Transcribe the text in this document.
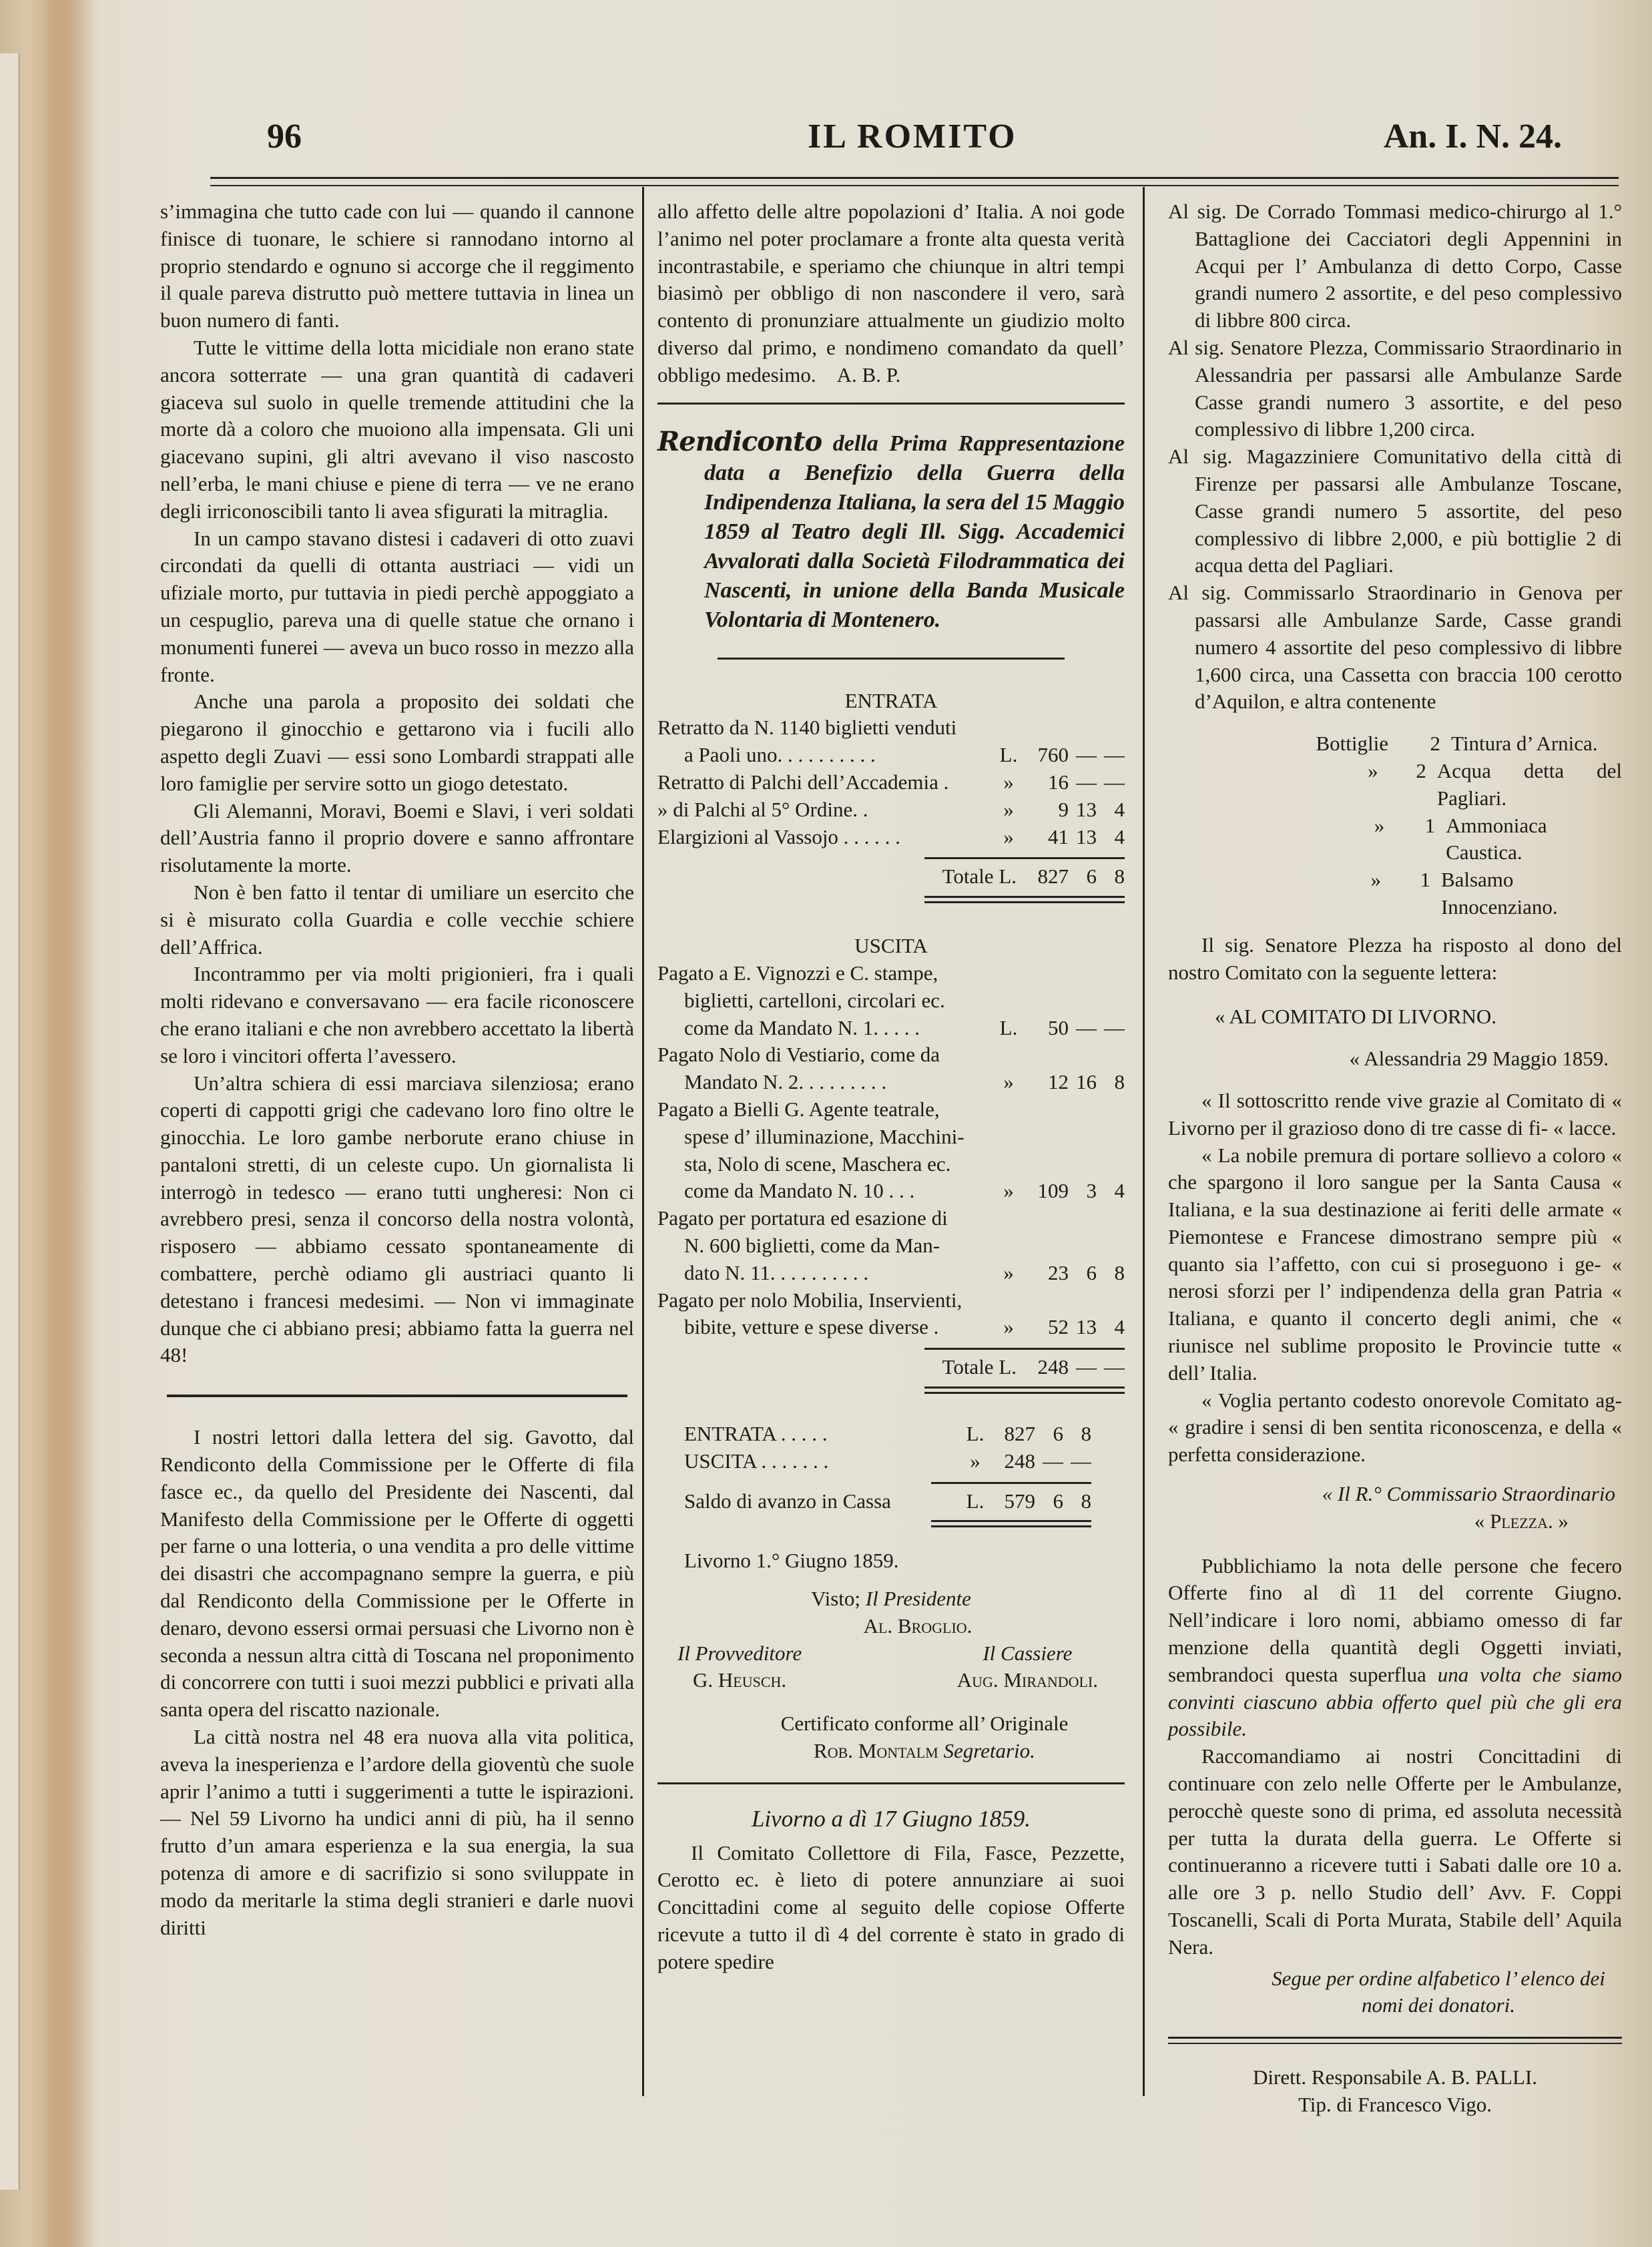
96	IL ROMITO	An. I. N. 24.

s’immagina che tutto cade con lui — quando il cannone finisce di tuonare, le schiere si rannodano intorno al proprio stendardo e ognuno si accorge che il reggimento il quale pareva distrutto può mettere tuttavia in linea un buon numero di fanti.

Tutte le vittime della lotta micidiale non erano state ancora sotterrate — una gran quantità di cadaveri giaceva sul suolo in quelle tremende attitudini che la morte dà a coloro che muoiono alla impensata. Gli uni giacevano supini, gli altri avevano il viso nascosto nell’erba, le mani chiuse e piene di terra — ve ne erano degli irriconoscibili tanto li avea sfigurati la mitraglia.

In un campo stavano distesi i cadaveri di otto zuavi circondati da quelli di ottanta austriaci — vidi un ufiziale morto, pur tuttavia in piedi perchè appoggiato a un cespuglio, pareva una di quelle statue che ornano i monumenti funerei — aveva un buco rosso in mezzo alla fronte.

Anche una parola a proposito dei soldati che piegarono il ginocchio e gettarono via i fucili allo aspetto degli Zuavi — essi sono Lombardi strappati alle loro famiglie per servire sotto un giogo detestato.

Gli Alemanni, Moravi, Boemi e Slavi, i veri soldati dell’Austria fanno il proprio dovere e sanno affrontare risolutamente la morte.

Non è ben fatto il tentar di umiliare un esercito che si è misurato colla Guardia e colle vecchie schiere dell’Affrica.

Incontrammo per via molti prigionieri, fra i quali molti ridevano e conversavano — era facile riconoscere che erano italiani e che non avrebbero accettato la libertà se loro i vincitori offerta l’avessero.

Un’altra schiera di essi marciava silenziosa; erano coperti di cappotti grigi che cadevano loro fino oltre le ginocchia. Le loro gambe nerborute erano chiuse in pantaloni stretti, di un celeste cupo. Un giornalista li interrogò in tedesco — erano tutti ungheresi: Non ci avrebbero presi, senza il concorso della nostra volontà, risposero — abbiamo cessato spontaneamente di combattere, perchè odiamo gli austriaci quanto li detestano i francesi medesimi. — Non vi immaginate dunque che ci abbiano presi; abbiamo fatta la guerra nel 48!

I nostri lettori dalla lettera del sig. Gavotto, dal Rendiconto della Commissione per le Offerte di fila fasce ec., da quello del Presidente dei Nascenti, dal Manifesto della Commissione per le Offerte di oggetti per farne o una lotteria, o una vendita a pro delle vittime dei disastri che accompagnano sempre la guerra, e più dal Rendiconto della Commissione per le Offerte in denaro, devono essersi ormai persuasi che Livorno non è seconda a nessun altra città di Toscana nel proponimento di concorrere con tutti i suoi mezzi pubblici e privati alla santa opera del riscatto nazionale.

La città nostra nel 48 era nuova alla vita politica, aveva la inesperienza e l’ardore della gioventù che suole aprir l’animo a tutti i suggerimenti a tutte le ispirazioni. — Nel 59 Livorno ha undici anni di più, ha il senno frutto d’un amara esperienza e la sua energia, la sua potenza di amore e di sacrifizio si sono sviluppate in modo da meritarle la stima degli stranieri e darle nuovi diritti

allo affetto delle altre popolazioni d’ Italia. A noi gode l’animo nel poter proclamare a fronte alta questa verità incontrastabile, e speriamo che chiunque in altri tempi biasimò per obbligo di non nascondere il vero, sarà contento di pronunziare attualmente un giudizio molto diverso dal primo, e nondimeno comandato da quell’ obbligo medesimo. A. B. P.

Rendiconto della Prima Rappresentazione data a Benefizio della Guerra della Indipendenza Italiana, la sera del 15 Maggio 1859 al Teatro degli Ill. Sigg. Accademici Avvalorati dalla Società Filodrammatica dei Nascenti, in unione della Banda Musicale Volontaria di Montenero.

ENTRATA
Retratto da N. 1140 biglietti venduti
a Paoli uno. . . . . . . . . .	L. 760 — —
Retratto di Palchi dell’Accademia .	»	16 — —
» di Palchi al 5° Ordine. .	»	9 13 4
Elargizioni al Vassojo . . . . . .	»	41 13 4
Totale L.	827 6 8
USCITA
Pagato a E. Vignozzi e C. stampe,
biglietti, cartelloni, circolari ec.
come da Mandato N. 1. . . . .	L.	50 — —
Pagato Nolo di Vestiario, come da
Mandato N. 2. . . . . . . . .	»	12 16 8
Pagato a Bielli G. Agente teatrale,
spese d’ illuminazione, Macchini-
sta, Nolo di scene, Maschera ec.
come da Mandato N. 10 . . .	»	109 3 4
Pagato per portatura ed esazione di
N. 600 biglietti, come da Man-
dato N. 11. . . . . . . . . .	»	23 6 8
Pagato per nolo Mobilia, Inservienti,
bibite, vetture e spese diverse .	»	52 13 4
Totale L.	248 — —
ENTRATA . . . . .	L. 827 6 8
USCITA . . . . . . .	»	248 — —
Saldo di avanzo in Cassa	L. 579 6 8

Livorno 1.° Giugno 1859.

Visto; Il Presidente

Al. Broglio.

Il Provveditore
G. Heusch.
Il Cassiere
Aug. Mirandoli.

Certificato conforme all’ Originale

Rob. Montalm Segretario.

Livorno a dì 17 Giugno 1859.

Il Comitato Collettore di Fila, Fasce, Pezzette, Cerotto ec. è lieto di potere annunziare ai suoi Concittadini come al seguito delle copiose Offerte ricevute a tutto il dì 4 del corrente è stato in grado di potere spedire

Al sig. De Corrado Tommasi medico-chirurgo al 1.° Battaglione dei Cacciatori degli Appennini in Acqui per l’ Ambulanza di detto Corpo, Casse grandi numero 2 assortite, e del peso complessivo di libbre 800 circa.

Al sig. Senatore Plezza, Commissario Straordinario in Alessandria per passarsi alle Ambulanze Sarde Casse grandi numero 3 assortite, e del peso complessivo di libbre 1,200 circa.

Al sig. Magazziniere Comunitativo della città di Firenze per passarsi alle Ambulanze Toscane, Casse grandi numero 5 assortite, del peso complessivo di libbre 2,000, e più bottiglie 2 di acqua detta del Pagliari.

Al sig. Commissarlo Straordinario in Genova per passarsi alle Ambulanze Sarde, Casse grandi numero 4 assortite del peso complessivo di libbre 1,600 circa, una Cassetta con braccia 100 cerotto d’Aquilon, e altra contenente

Bottiglie	2 Tintura d’ Arnica.
»	2 Acqua detta del Pagliari.
»	1 Ammoniaca Caustica.
»	1 Balsamo Innocenziano.

Il sig. Senatore Plezza ha risposto al dono del nostro Comitato con la seguente lettera:

« AL COMITATO DI LIVORNO.

« Alessandria 29 Maggio 1859.

« Il sottoscritto rende vive grazie al Comitato di « Livorno per il grazioso dono di tre casse di fi- « lacce.

« La nobile premura di portare sollievo a coloro « che spargono il loro sangue per la Santa Causa « Italiana, e la sua destinazione ai feriti delle armate « Piemontese e Francese dimostrano sempre più « quanto sia l’affetto, con cui si proseguono i ge- « nerosi sforzi per l’ indipendenza della gran Patria « Italiana, e quanto il concerto degli animi, che « riunisce nel sublime proposito le Provincie tutte « dell’ Italia.

« Voglia pertanto codesto onorevole Comitato ag- « gradire i sensi di ben sentita riconoscenza, e della « perfetta considerazione.

« Il R.° Commissario Straordinario

« Plezza. »

Pubblichiamo la nota delle persone che fecero Offerte fino al dì 11 del corrente Giugno. Nell’indicare i loro nomi, abbiamo omesso di far menzione della quantità degli Oggetti inviati, sembrandoci questa superflua una volta che siamo convinti ciascuno abbia offerto quel più che gli era possibile.

Raccomandiamo ai nostri Concittadini di continuare con zelo nelle Offerte per le Ambulanze, perocchè queste sono di prima, ed assoluta necessità per tutta la durata della guerra. Le Offerte si continueranno a ricevere tutti i Sabati dalle ore 10 a. alle ore 3 p. nello Studio dell’ Avv. F. Coppi Toscanelli, Scali di Porta Murata, Stabile dell’ Aquila Nera.

Segue per ordine alfabetico l’ elenco dei nomi dei donatori.

Dirett. Responsabile A. B. PALLI.

Tip. di Francesco Vigo.
